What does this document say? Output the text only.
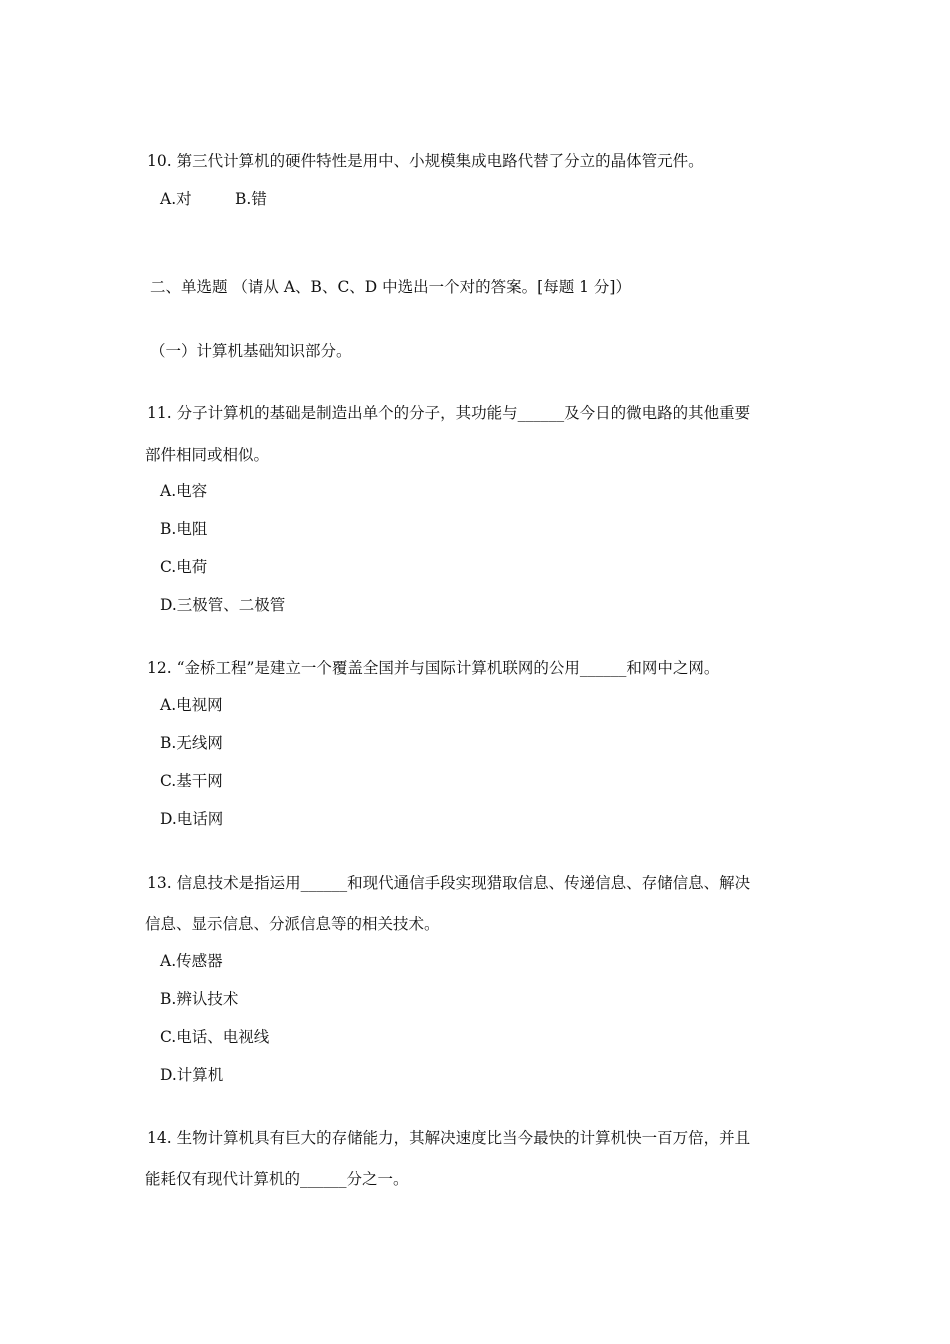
10. 第三代计算机的硬件特性是用中、小规模集成电路代替了分立的晶体管元件。
A.对	B.错
二、单选题 （请从 A、B、C、D 中选出一个对的答案。[每题 1 分]）
（一）计算机基础知识部分。
11. 分子计算机的基础是制造出单个的分子，其功能与______及今日的微电路的其他重要
部件相同或相似。
A.电容
B.电阻
C.电荷
D.三极管、二极管
12. “金桥工程”是建立一个覆盖全国并与国际计算机联网的公用______和网中之网。
A.电视网
B.无线网
C.基干网
D.电话网
13. 信息技术是指运用______和现代通信手段实现猎取信息、传递信息、存储信息、解决
信息、显示信息、分派信息等的相关技术。
A.传感器
B.辨认技术
C.电话、电视线
D.计算机
14. 生物计算机具有巨大的存储能力，其解决速度比当今最快的计算机快一百万倍，并且
能耗仅有现代计算机的______分之一。
